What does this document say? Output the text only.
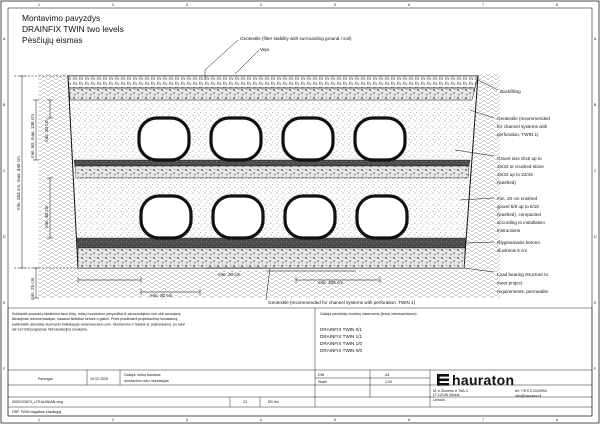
1
1
2
2
3
3
4
4
5
5
6
6
7
7
8
8
A	A
B	B
C	C
D	D
E	E
F	F
Montavimo pavyzdys
DRAINFIX TWIN two levels
Pėsčiųjų eismas
min. 264 cm, max. 340 cm
min. 60, max. 136 cm min. 30 cm
min. 30 cm
min. 25 cm	min. 30 cm
min. 30 cm
min. 106 cm
Geotextile (filter stability with surrounding ground / soil)
Veja
Backfilling
Geotextile (recommended
for channel systems with
perforation, TWIN 1)
Gravel size 8/16 up to
16/32 or crushed stone
16/32 up to 22/45
(washed)
min. 20 cm crushed
gravel 5/8 up to 8/16
(washed), compacted
according to installation
instructions
Išlyginamasis betono
sluoksnis 5 cm
Load bearing structure to
meet project
requirements, permeable
Geotextile (recommended for channel systems with perforation, TWIN 1)
Kuidiantis produktų tobulinimo tavo būtų, mūsų montavimo pavyzdžiai iė akonuodojimo nen ukė amuojami.
Atnaujinas rekomendacijas, naaanoi išdėstiai netuek a galine. Prieš pradėdami projektavimą montavimą,
patikrinkite aktualias duomenis tinklalapyje www.hauraton.com. Montavimo ir tataluk ar pasirenkamų, po latal
als turi būti jungiamas hidroizoliacijos sluoksnis.
Galioja paviršinių nuotekų sistemoms (tinkaį informaciniame):
DRAINFIX TWIN 0/1
DRAINFIX TWIN 1/1
DRAINFIX TWIN 1/0
DRAINFIX TWIN 0/0
Parengta	19.02.2025
Galioja: mūsų bandose
montavimo rūšo mondavijas
DIN	A4
Skalė	1:20
0000123870_LITHUANIAN.dwg	13	EB Ilm
DRF TWIN bagaikse zasdlugig
hauraton
M. e Žumene e 78A-3
LT-12106 Vilnius
Lietuva
tel: +370 5 2020994
info@hauraton.lt
